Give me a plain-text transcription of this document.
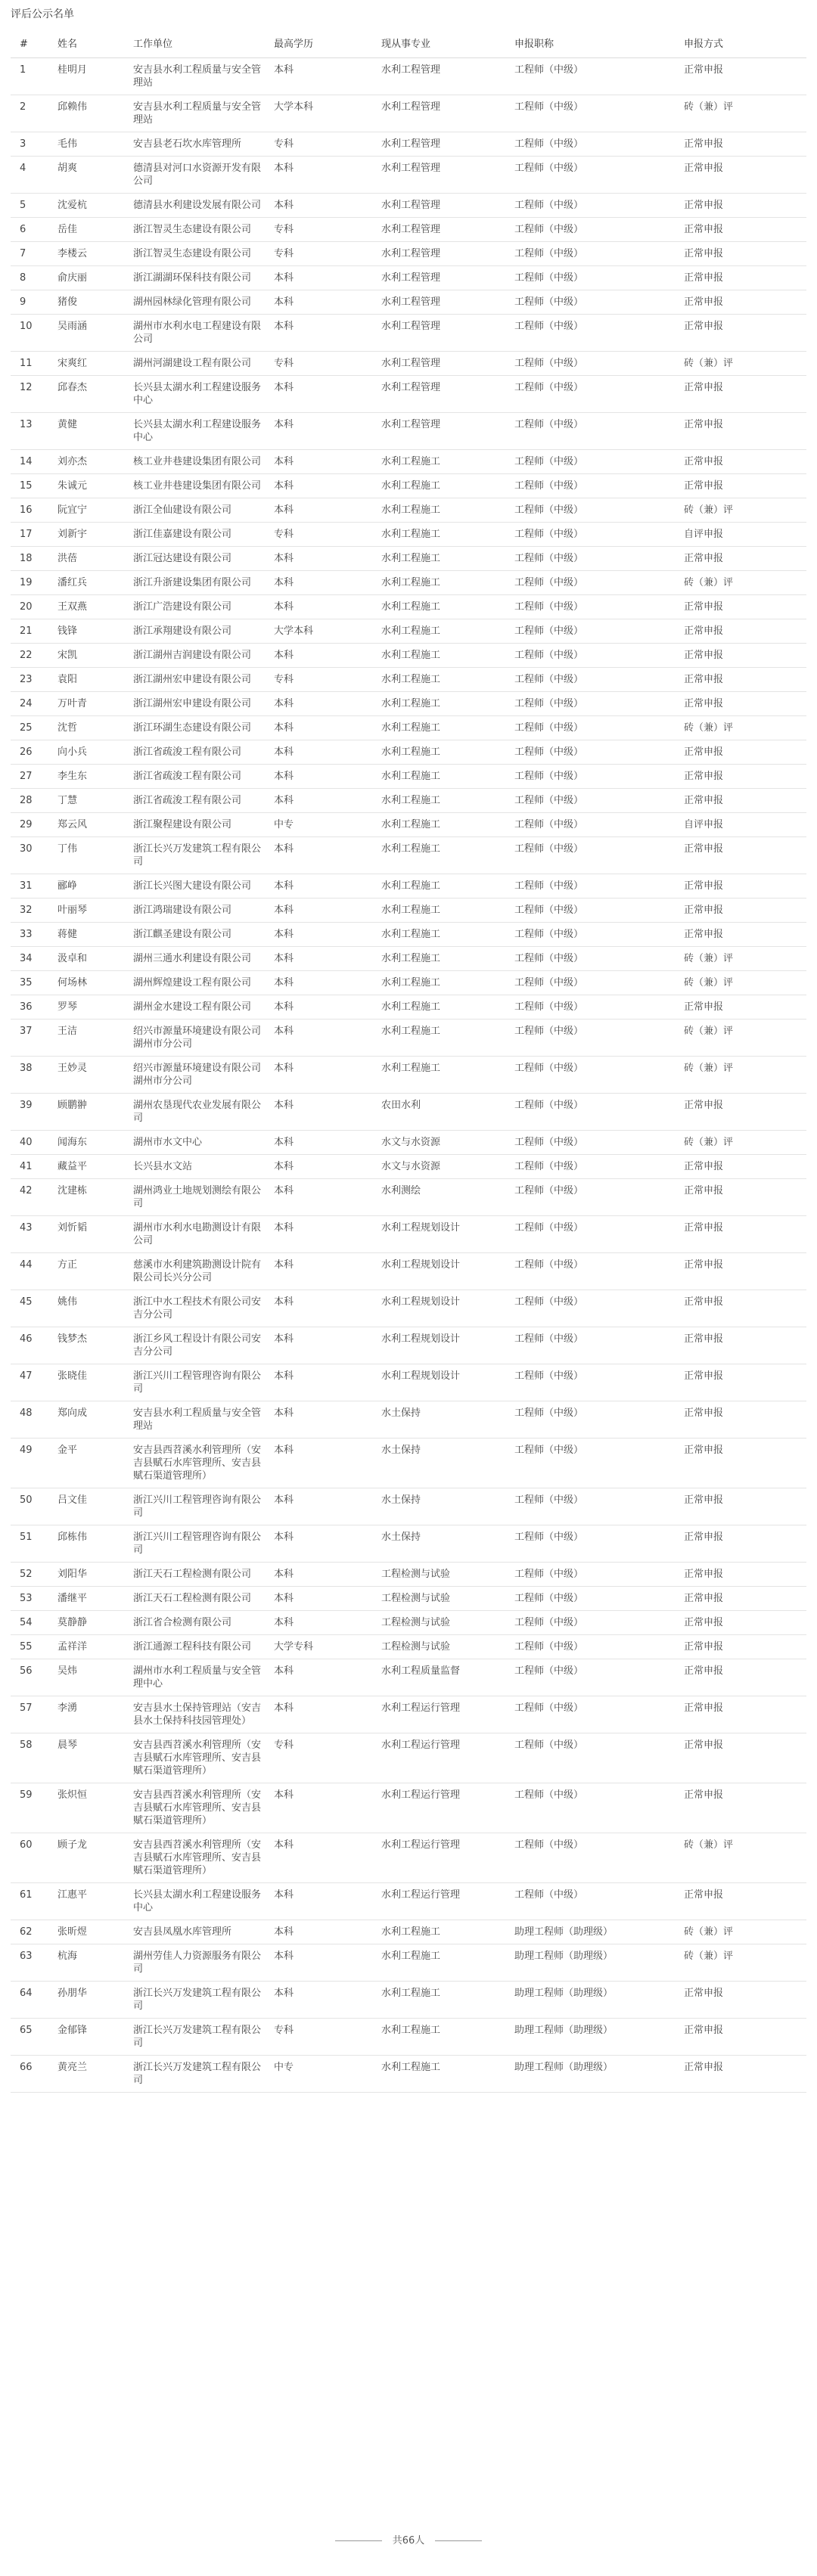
评后公示名单
#	姓名	工作单位	最高学历	现从事专业	申报职称	申报方式
1	桂明月	安吉县水利工程质量与安全管理站	本科	水利工程管理	工程师（中级）	正常申报
2	邱赖伟	安吉县水利工程质量与安全管理站	大学本科	水利工程管理	工程师（中级）	砖（兼）评
3	毛伟	安吉县老石坎水库管理所	专科	水利工程管理	工程师（中级）	正常申报
4	胡爽	德清县对河口水资源开发有限公司	本科	水利工程管理	工程师（中级）	正常申报
5	沈爱杭	德清县水利建设发展有限公司	本科	水利工程管理	工程师（中级）	正常申报
6	岳佳	浙江智灵生态建设有限公司	专科	水利工程管理	工程师（中级）	正常申报
7	李楼云	浙江智灵生态建设有限公司	专科	水利工程管理	工程师（中级）	正常申报
8	俞庆丽	浙江湖湖环保科技有限公司	本科	水利工程管理	工程师（中级）	正常申报
9	猪俊	湖州园林绿化管理有限公司	本科	水利工程管理	工程师（中级）	正常申报
10	吴雨涵	湖州市水利水电工程建设有限公司	本科	水利工程管理	工程师（中级）	正常申报
11	宋爽红	湖州河湖建设工程有限公司	专科	水利工程管理	工程师（中级）	砖（兼）评
12	邱春杰	长兴县太湖水利工程建设服务中心	本科	水利工程管理	工程师（中级）	正常申报
13	黄健	长兴县太湖水利工程建设服务中心	本科	水利工程管理	工程师（中级）	正常申报
14	刘亦杰	核工业井巷建设集团有限公司	本科	水利工程施工	工程师（中级）	正常申报
15	朱诚元	核工业井巷建设集团有限公司	本科	水利工程施工	工程师（中级）	正常申报
16	阮宜宁	浙江全仙建设有限公司	本科	水利工程施工	工程师（中级）	砖（兼）评
17	刘新宇	浙江佳嘉建设有限公司	专科	水利工程施工	工程师（中级）	自评申报
18	洪蓓	浙江冠达建设有限公司	本科	水利工程施工	工程师（中级）	正常申报
19	潘红兵	浙江升浙建设集团有限公司	本科	水利工程施工	工程师（中级）	砖（兼）评
20	王双燕	浙江广浩建设有限公司	本科	水利工程施工	工程师（中级）	正常申报
21	钱锋	浙江承翔建设有限公司	大学本科	水利工程施工	工程师（中级）	正常申报
22	宋凯	浙江湖州吉润建设有限公司	本科	水利工程施工	工程师（中级）	正常申报
23	袁阳	浙江湖州宏申建设有限公司	专科	水利工程施工	工程师（中级）	正常申报
24	万叶青	浙江湖州宏申建设有限公司	本科	水利工程施工	工程师（中级）	正常申报
25	沈哲	浙江环湖生态建设有限公司	本科	水利工程施工	工程师（中级）	砖（兼）评
26	向小兵	浙江省疏浚工程有限公司	本科	水利工程施工	工程师（中级）	正常申报
27	李生东	浙江省疏浚工程有限公司	本科	水利工程施工	工程师（中级）	正常申报
28	丁慧	浙江省疏浚工程有限公司	本科	水利工程施工	工程师（中级）	正常申报
29	郑云风	浙江聚程建设有限公司	中专	水利工程施工	工程师（中级）	自评申报
30	丁伟	浙江长兴万发建筑工程有限公司	本科	水利工程施工	工程师（中级）	正常申报
31	郦峥	浙江长兴图大建设有限公司	本科	水利工程施工	工程师（中级）	正常申报
32	叶丽琴	浙江鸿瑞建设有限公司	本科	水利工程施工	工程师（中级）	正常申报
33	蒋健	浙江麒圣建设有限公司	本科	水利工程施工	工程师（中级）	正常申报
34	汲卓和	湖州三通水利建设有限公司	本科	水利工程施工	工程师（中级）	砖（兼）评
35	何场林	湖州辉煌建设工程有限公司	本科	水利工程施工	工程师（中级）	砖（兼）评
36	罗琴	湖州金水建设工程有限公司	本科	水利工程施工	工程师（中级）	正常申报
37	王洁	绍兴市源量环境建设有限公司湖州市分公司	本科	水利工程施工	工程师（中级）	砖（兼）评
38	王妙灵	绍兴市源量环境建设有限公司湖州市分公司	本科	水利工程施工	工程师（中级）	砖（兼）评
39	顾鹏翀	湖州农垦现代农业发展有限公司	本科	农田水利	工程师（中级）	正常申报
40	闻海东	湖州市水文中心	本科	水文与水资源	工程师（中级）	砖（兼）评
41	藏益平	长兴县水文站	本科	水文与水资源	工程师（中级）	正常申报
42	沈建栋	湖州鸿业土地规划测绘有限公司	本科	水利测绘	工程师（中级）	正常申报
43	刘忻韬	湖州市水利水电勘测设计有限公司	本科	水利工程规划设计	工程师（中级）	正常申报
44	方正	慈溪市水利建筑勘测设计院有限公司长兴分公司	本科	水利工程规划设计	工程师（中级）	正常申报
45	姚伟	浙江中水工程技术有限公司安吉分公司	本科	水利工程规划设计	工程师（中级）	正常申报
46	钱梦杰	浙江乡风工程设计有限公司安吉分公司	本科	水利工程规划设计	工程师（中级）	正常申报
47	张晓佳	浙江兴川工程管理咨询有限公司	本科	水利工程规划设计	工程师（中级）	正常申报
48	郑向成	安吉县水利工程质量与安全管理站	本科	水土保持	工程师（中级）	正常申报
49	金平	安吉县西苕溪水利管理所（安吉县赋石水库管理所、安吉县赋石渠道管理所）	本科	水土保持	工程师（中级）	正常申报
50	吕文佳	浙江兴川工程管理咨询有限公司	本科	水土保持	工程师（中级）	正常申报
51	邱栋伟	浙江兴川工程管理咨询有限公司	本科	水土保持	工程师（中级）	正常申报
52	刘阳华	浙江天石工程检测有限公司	本科	工程检测与试验	工程师（中级）	正常申报
53	潘继平	浙江天石工程检测有限公司	本科	工程检测与试验	工程师（中级）	正常申报
54	莫静静	浙江省合检测有限公司	本科	工程检测与试验	工程师（中级）	正常申报
55	孟祥洋	浙江通源工程科技有限公司	大学专科	工程检测与试验	工程师（中级）	正常申报
56	吴炜	湖州市水利工程质量与安全管理中心	本科	水利工程质量监督	工程师（中级）	正常申报
57	李湧	安吉县水土保持管理站（安吉县水土保持科技园管理处）	本科	水利工程运行管理	工程师（中级）	正常申报
58	晨琴	安吉县西苕溪水利管理所（安吉县赋石水库管理所、安吉县赋石渠道管理所）	专科	水利工程运行管理	工程师（中级）	正常申报
59	张炽恒	安吉县西苕溪水利管理所（安吉县赋石水库管理所、安吉县赋石渠道管理所）	本科	水利工程运行管理	工程师（中级）	正常申报
60	顾子龙	安吉县西苕溪水利管理所（安吉县赋石水库管理所、安吉县赋石渠道管理所）	本科	水利工程运行管理	工程师（中级）	砖（兼）评
61	江惠平	长兴县太湖水利工程建设服务中心	本科	水利工程运行管理	工程师（中级）	正常申报
62	张昕煜	安吉县凤凰水库管理所	本科	水利工程施工	助理工程师（助理级）	砖（兼）评
63	杭海	湖州劳佳人力资源服务有限公司	本科	水利工程施工	助理工程师（助理级）	砖（兼）评
64	孙朋华	浙江长兴万发建筑工程有限公司	本科	水利工程施工	助理工程师（助理级）	正常申报
65	金郁锋	浙江长兴万发建筑工程有限公司	专科	水利工程施工	助理工程师（助理级）	正常申报
66	黄亮兰	浙江长兴万发建筑工程有限公司	中专	水利工程施工	助理工程师（助理级）	正常申报
共66人
